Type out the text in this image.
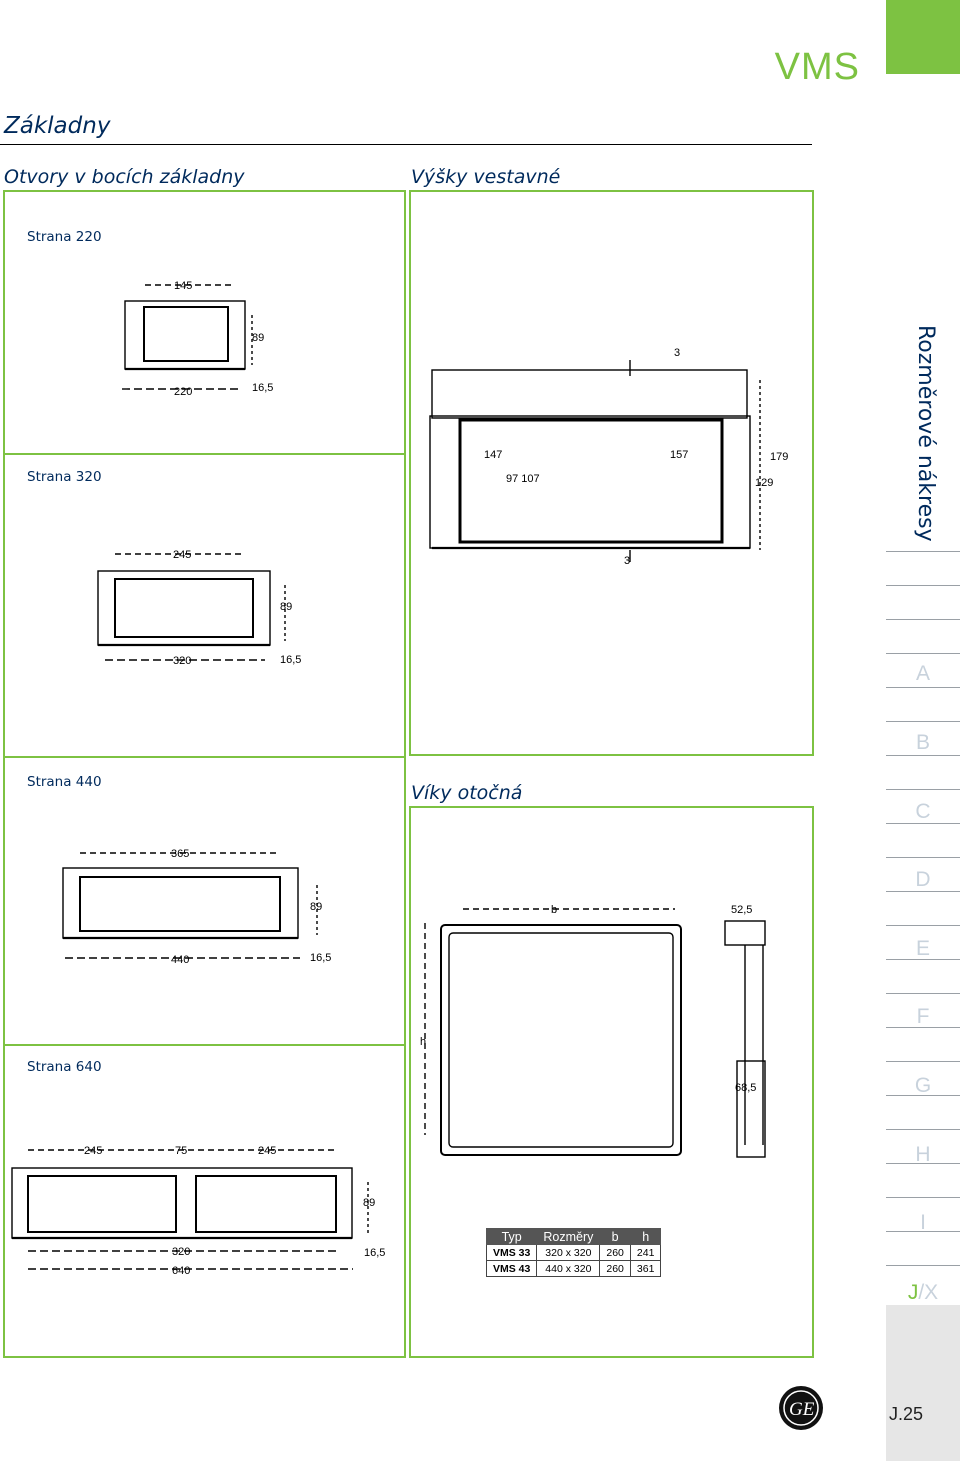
VMS
Základny
Otvory v bocích základny	Výšky vestavné
Víky otočná
Strana 220
Strana 320
Strana 440
Strana 640
145
89
220	16,5
245
89
320	16,5
365
89
440	16,5
245	75	245
89
320
640
16,5
3
3
147
97 107
157	179
129
b
h
52,5
68,5
Typ	Rozměry	b	h
VMS 33	320 x 320	260	241
VMS 43	440 x 320	260	361
Rozměrové nákresy
A
B
C
D
E
F
G
H
I
J/X
J.25
GE
